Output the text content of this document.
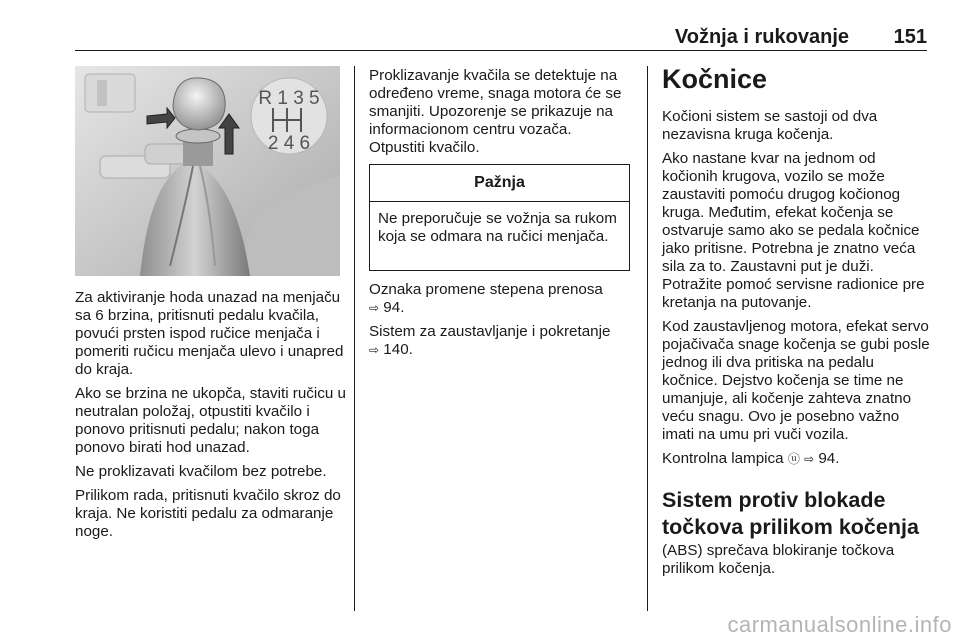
Vožnja i rukovanje 151
R 1 3 5
2 4 6

Za aktiviranje hoda unazad na menjaču sa 6 brzina, pritisnuti pedalu kvačila, povući prsten ispod ručice menjača i pomeriti ručicu menjača ulevo i unapred do kraja.

Ako se brzina ne ukopča, staviti ručicu u neutralan položaj, otpustiti kvačilo i ponovo pritisnuti pedalu; nakon toga ponovo birati hod unazad.

Ne proklizavati kvačilom bez potrebe.

Prilikom rada, pritisnuti kvačilo skroz do kraja. Ne koristiti pedalu za odmaranje noge.

Proklizavanje kvačila se detektuje na određeno vreme, snaga motora će se smanjiti. Upozorenje se prikazuje na informacionom centru vozača.

Otpustiti kvačilo.

Pažnja
Ne preporučuje se vožnja sa rukom koja se odmara na ručici menjača.

Oznaka promene stepena prenosa
⇨ 94.

Sistem za zaustavljanje i pokretanje
⇨ 140.

Kočnice

Kočioni sistem se sastoji od dva nezavisna kruga kočenja.

Ako nastane kvar na jednom od kočionih krugova, vozilo se može zaustaviti pomoću drugog kočionog kruga. Međutim, efekat kočenja se ostvaruje samo ako se pedala kočnice jako pritisne. Potrebna je znatno veća sila za to. Zaustavni put je duži. Potražite pomoć servisne radionice pre kretanja na putovanje.

Kod zaustavljenog motora, efekat servo pojačivača snage kočenja se gubi posle jednog ili dva pritiska na pedalu kočnice. Dejstvo kočenja se time ne umanjuje, ali kočenje zahteva znatno veću snagu. Ovo je posebno važno imati na umu pri vuči vozila.

Kontrolna lampica ⓤ ⇨ 94.

Sistem protiv blokade točkova prilikom kočenja

(ABS) sprečava blokiranje točkova prilikom kočenja.

carmanualsonline.info
